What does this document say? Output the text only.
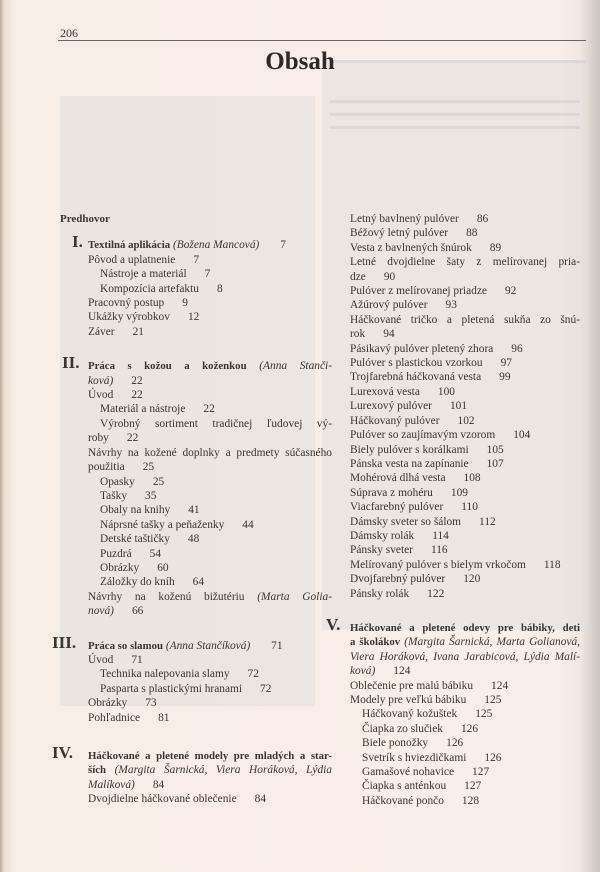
206
Obsah
Predhovor
I. Textilná aplikácia (Božena Mancová) 7
Pôvod a uplatnenie 7
Nástroje a materiál 7
Kompozícia artefaktu 8
Pracovný postup 9
Ukážky výrobkov 12
Záver 21
II. Práca s kožou a koženkou (Anna Stanči-
ková) 22
Úvod 22
Materiál a nástroje 22
Výrobný sortiment tradičnej ľudovej vý-
roby 22
Návrhy na kožené doplnky a predmety súčasného
použitia 25
Opasky 25
Tašky 35
Obaly na knihy 41
Náprsné tašky a peňaženky 44
Detské taštičky 48
Puzdrá 54
Obrázky 60
Záložky do kníh 64
Návrhy na koženú bižutériu (Marta Golia-
nová) 66
III. Práca so slamou (Anna Stančíková) 71
Úvod 71
Technika nalepovania slamy 72
Pasparta s plastickými hranami 72
Obrázky 73
Pohľadnice 81
IV. Háčkované a pletené modely pre mladých a star-
ších (Margita Šarnická, Viera Horáková, Lýdia
Malíková) 84
Dvojdielne háčkované oblečenie 84
Letný bavlnený pulóver 86
Béžový letný pulóver 88
Vesta z bavlnených šnúrok 89
Letné dvojdielne šaty z melírovanej pria-
dze 90
Pulóver z melírovanej priadze 92
Ažúrový pulóver 93
Háčkované tričko a pletená sukňa zo šnú-
rok 94
Pásikavý pulóver pletený zhora 96
Pulóver s plastickou vzorkou 97
Trojfarebná háčkovaná vesta 99
Lurexová vesta 100
Lurexový pulóver 101
Háčkovaný pulóver 102
Pulóver so zaujímavým vzorom 104
Biely pulóver s korálkami 105
Pánska vesta na zapínanie 107
Mohérová dlhá vesta 108
Súprava z mohéru 109
Viacfarebný pulóver 110
Dámsky sveter so šálom 112
Dámsky rolák 114
Pánsky sveter 116
Melírovaný pulóver s bielym vrkočom 118
Dvojfarebný pulóver 120
Pánsky rolák 122
V. Háčkované a pletené odevy pre bábiky, deti
a školákov (Margita Šarnická, Marta Golianová,
Viera Horáková, Ivana Jarabicová, Lýdia Malí-
ková) 124
Oblečenie pre malú bábiku 124
Modely pre veľkú bábiku 125
Háčkovaný kožuštek 125
Čiapka zo slučiek 126
Biele ponožky 126
Svetrík s hviezdičkami 126
Gamašové nohavice 127
Čiapka s anténkou 127
Háčkované pončo 128
